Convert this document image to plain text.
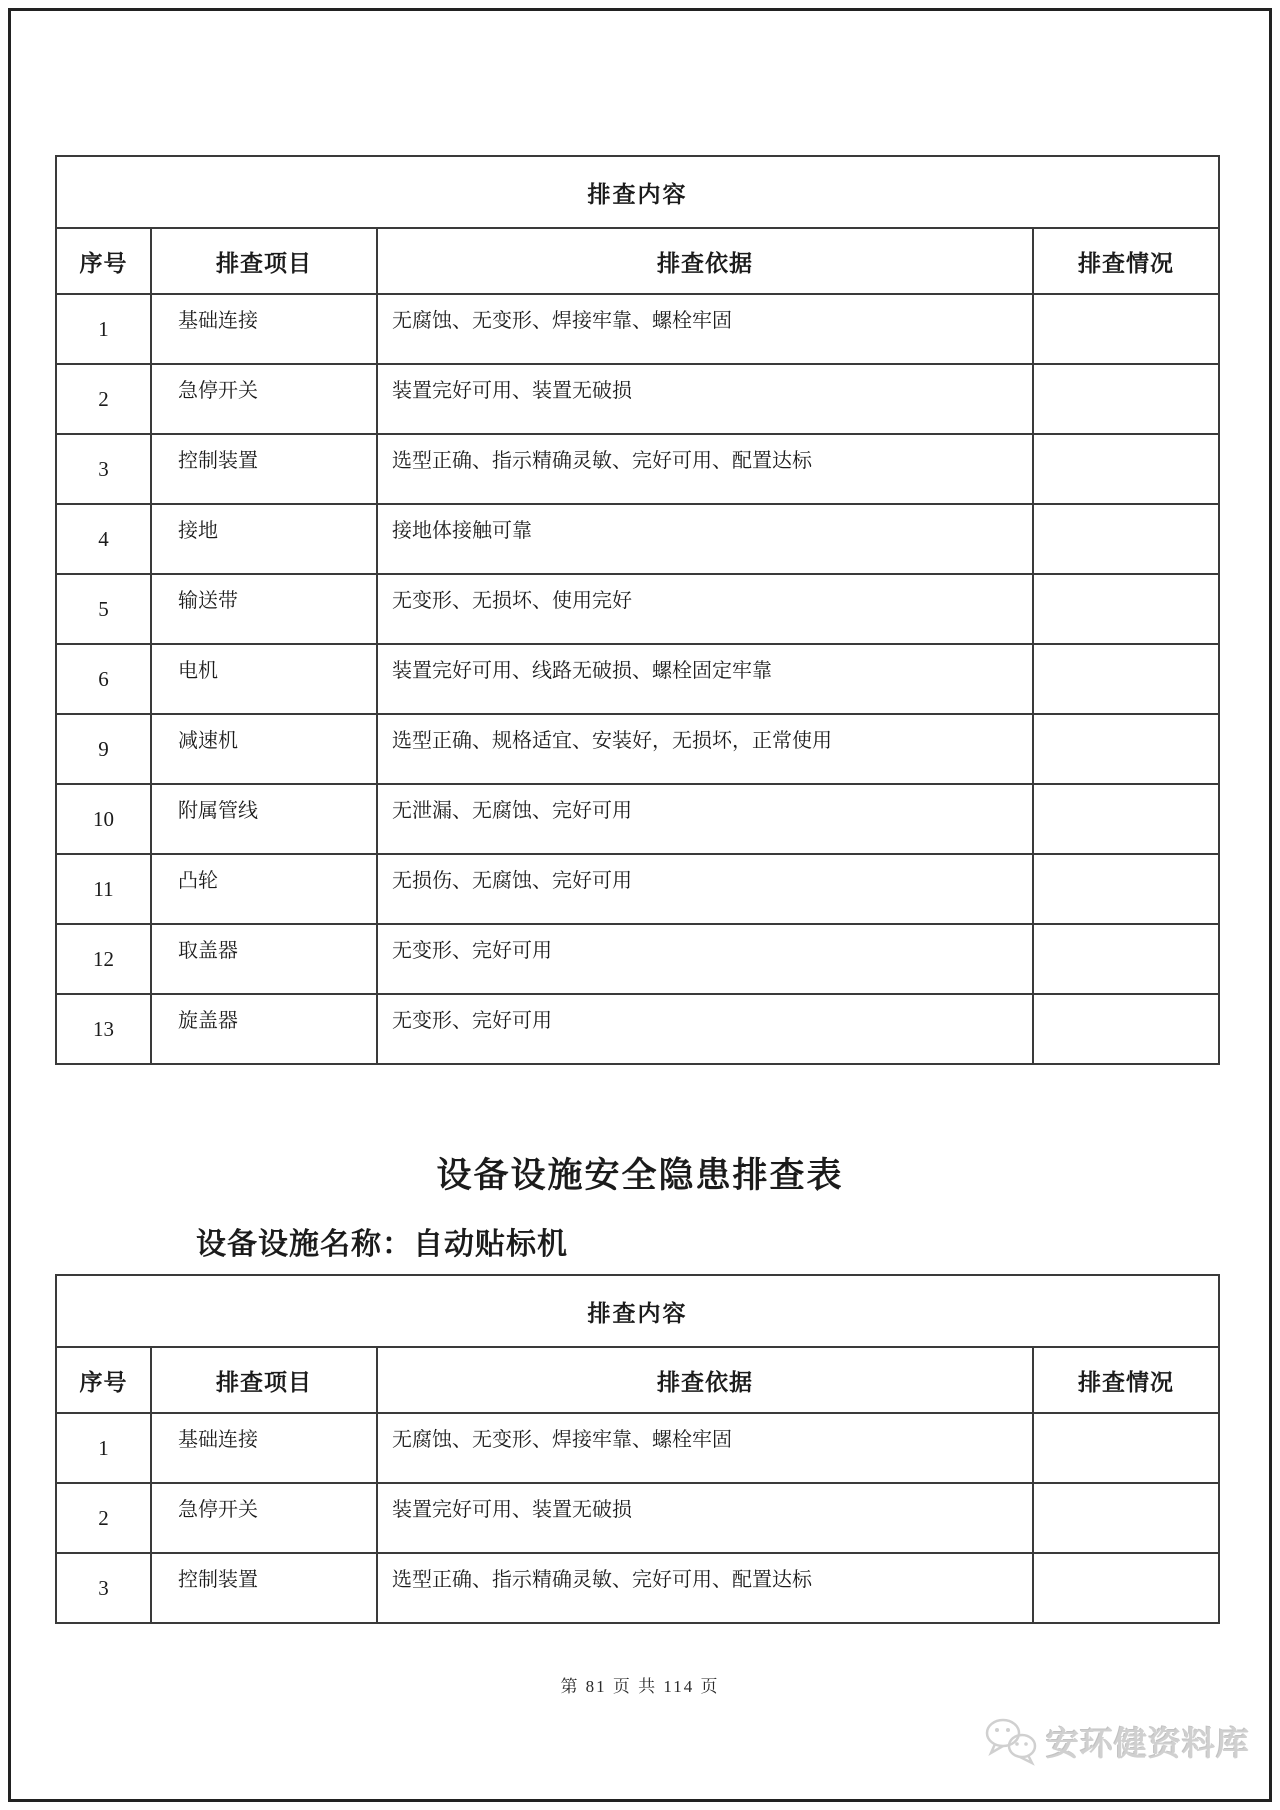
排查内容			
序号	排查项目	排查依据	排查情况
1	基础连接	无腐蚀、无变形、焊接牢靠、螺栓牢固	
2	急停开关	装置完好可用、装置无破损	
3	控制装置	选型正确、指示精确灵敏、完好可用、配置达标	
4	接地	接地体接触可靠	
5	输送带	无变形、无损坏、使用完好	
6	电机	装置完好可用、线路无破损、螺栓固定牢靠	
9	减速机	选型正确、规格适宜、安装好，无损坏，正常使用	
10	附属管线	无泄漏、无腐蚀、完好可用	
11	凸轮	无损伤、无腐蚀、完好可用	
12	取盖器	无变形、完好可用	
13	旋盖器	无变形、完好可用	
设备设施安全隐患排查表
设备设施名称：自动贴标机
排查内容			
序号	排查项目	排查依据	排查情况
1	基础连接	无腐蚀、无变形、焊接牢靠、螺栓牢固	
2	急停开关	装置完好可用、装置无破损	
3	控制装置	选型正确、指示精确灵敏、完好可用、配置达标	
第 81 页 共 114 页
安环健资料库
